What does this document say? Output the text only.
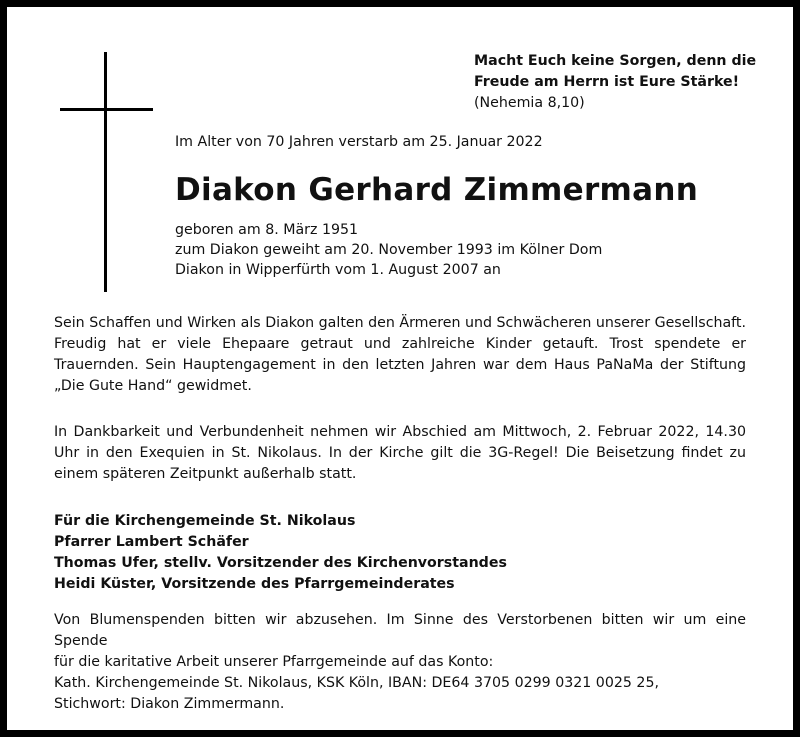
Macht Euch keine Sorgen, denn die
Freude am Herrn ist Eure Stärke!
(Nehemia 8,10)
Im Alter von 70 Jahren verstarb am 25. Januar 2022
Diakon Gerhard Zimmermann
geboren am 8. März 1951
zum Diakon geweiht am 20. November 1993 im Kölner Dom
Diakon in Wipperfürth vom 1. August 2007 an
Sein Schaffen und Wirken als Diakon galten den Ärmeren und Schwächeren unserer Gesellschaft. Freudig hat er viele Ehepaare getraut und zahlreiche Kinder getauft. Trost spendete er Trauernden. Sein Hauptengagement in den letzten Jahren war dem Haus PaNaMa der Stiftung „Die Gute Hand“ gewidmet.
In Dankbarkeit und Verbundenheit nehmen wir Abschied am Mittwoch, 2. Februar 2022, 14.30 Uhr in den Exequien in St. Nikolaus. In der Kirche gilt die 3G-Regel! Die Beisetzung findet zu einem späteren Zeitpunkt außerhalb statt.
Für die Kirchengemeinde St. Nikolaus
Pfarrer Lambert Schäfer
Thomas Ufer, stellv. Vorsitzender des Kirchenvorstandes
Heidi Küster, Vorsitzende des Pfarrgemeinderates
Von Blumenspenden bitten wir abzusehen. Im Sinne des Verstorbenen bitten wir um eine Spende
für die karitative Arbeit unserer Pfarrgemeinde auf das Konto:
Kath. Kirchengemeinde St. Nikolaus, KSK Köln, IBAN: DE64 3705 0299 0321 0025 25,
Stichwort: Diakon Zimmermann.
